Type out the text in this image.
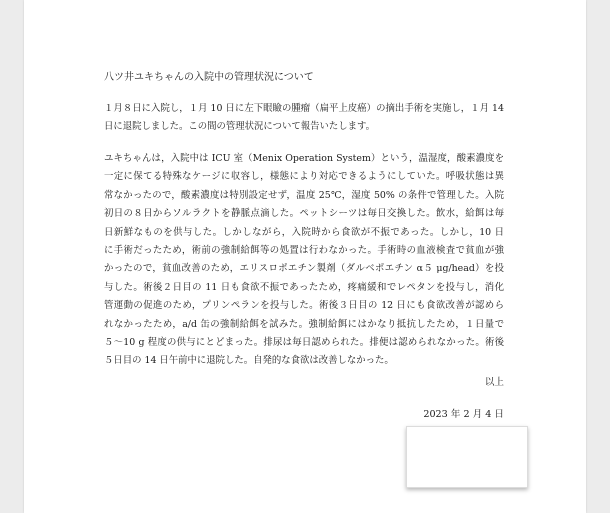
八ツ井ユキちゃんの入院中の管理状況について
１月８日に入院し，１月 10 日に左下眼瞼の腫瘤（扁平上皮癌）の摘出手術を実施し，１月 14
日に退院しました。この間の管理状況について報告いたします。
ユキちゃんは，入院中は ICU 室（Menix Operation System）という，温湿度，酸素濃度を
一定に保てる特殊なケージに収容し，様態により対応できるようにしていた。呼吸状態は異
常なかったので，酸素濃度は特別設定せず，温度 25℃，湿度 50% の条件で管理した。入院
初日の８日からソルラクトを静脈点滴した。ペットシーツは毎日交換した。飲水，給餌は毎
日新鮮なものを供与した。しかしながら，入院時から食欲が不振であった。しかし，10 日
に手術だったため，術前の強制給餌等の処置は行わなかった。手術時の血液検査で貧血が強
かったので，貧血改善のため，エリスロポエチン製剤（ダルベポエチン α５ μg/head）を投
与した。術後２日目の 11 日も食欲不振であったため，疼痛緩和でレペタンを投与し，消化
管運動の促進のため，プリンペランを投与した。術後３日目の 12 日にも食欲改善が認めら
れなかったため，a/d 缶の強制給餌を試みた。強制給餌にはかなり抵抗したため，１日量で
５～10 g 程度の供与にとどまった。排尿は毎日認められた。排便は認められなかった。術後
５日目の 14 日午前中に退院した。自発的な食欲は改善しなかった。
以上
2023 年 2 月 4 日
